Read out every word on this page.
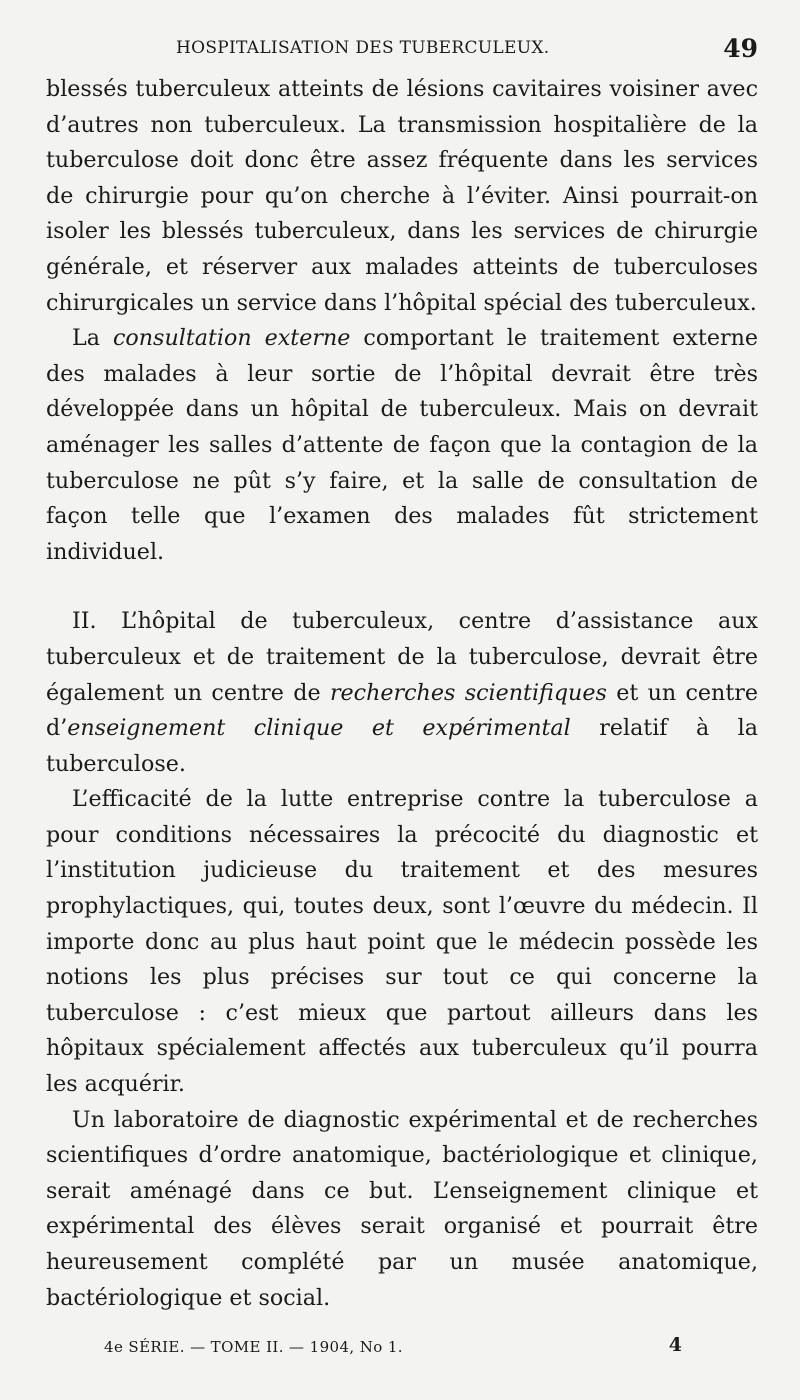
HOSPITALISATION DES TUBERCULEUX.	49

blessés tuberculeux atteints de lésions cavitaires voisiner avec d’autres non tuberculeux. La transmission hospitalière de la tuberculose doit donc être assez fréquente dans les services de chirurgie pour qu’on cherche à l’éviter. Ainsi pourrait-on isoler les blessés tuberculeux, dans les services de chirurgie générale, et réserver aux malades atteints de tuberculoses chirurgicales un service dans l’hôpital spécial des tuberculeux.

La consultation externe comportant le traitement externe des malades à leur sortie de l’hôpital devrait être très développée dans un hôpital de tuberculeux. Mais on devrait aménager les salles d’attente de façon que la contagion de la tuberculose ne pût s’y faire, et la salle de consultation de façon telle que l’examen des malades fût strictement individuel.

II. L’hôpital de tuberculeux, centre d’assistance aux tuberculeux et de traitement de la tuberculose, devrait être également un centre de recherches scientifiques et un centre d’enseignement clinique et expérimental relatif à la tuberculose.

L’efficacité de la lutte entreprise contre la tuberculose a pour conditions nécessaires la précocité du diagnostic et l’institution judicieuse du traitement et des mesures prophylactiques, qui, toutes deux, sont l’œuvre du médecin. Il importe donc au plus haut point que le médecin possède les notions les plus précises sur tout ce qui concerne la tuberculose : c’est mieux que partout ailleurs dans les hôpitaux spécialement affectés aux tuberculeux qu’il pourra les acquérir.

Un laboratoire de diagnostic expérimental et de recherches scientifiques d’ordre anatomique, bactériologique et clinique, serait aménagé dans ce but. L’enseignement clinique et expérimental des élèves serait organisé et pourrait être heureusement complété par un musée anatomique, bactériologique et social.

4e SÉRIE. — TOME II. — 1904, No 1.	4
